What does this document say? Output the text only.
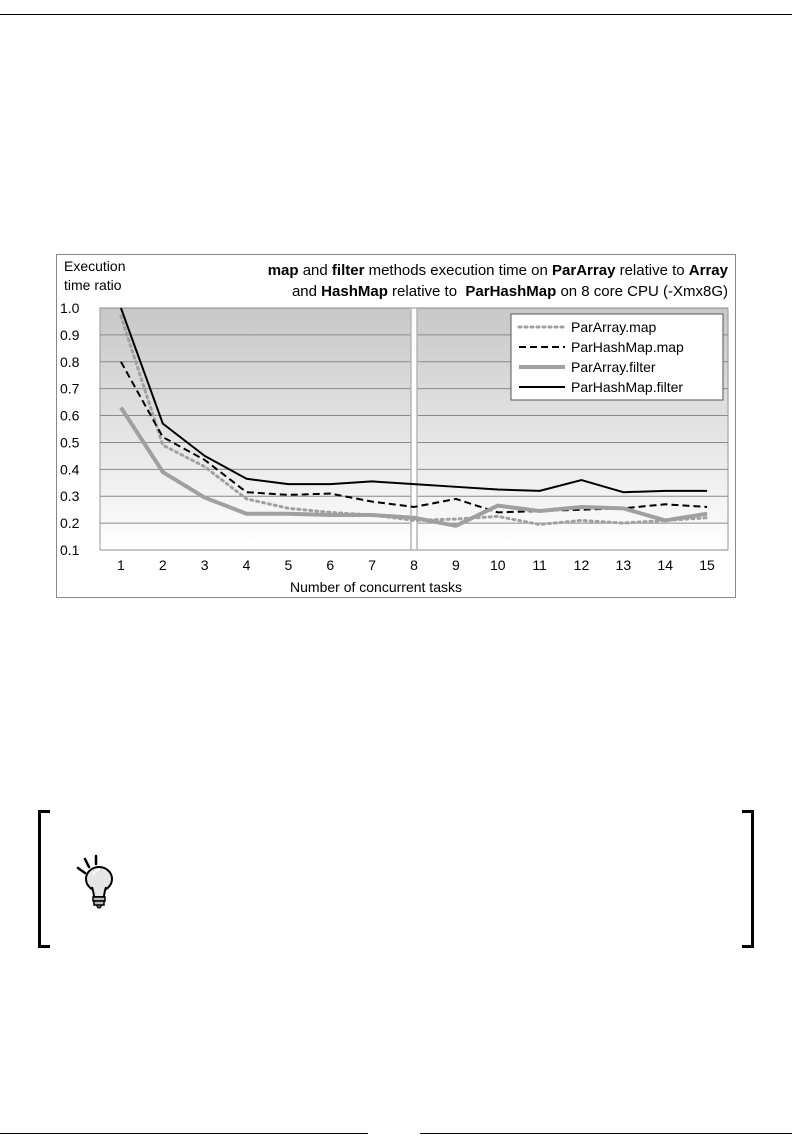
1.0
0.9
0.8
0.7
0.6
0.5
0.4
0.3
0.2
0.1
1 2 3 4 5 6 7 8 9 10 11 12 13 14 15
ParArray.map
ParHashMap.map
ParArray.filter
ParHashMap.filter
Execution
time ratio
map and filter methods execution time on ParArray relative to Array
and HashMap relative to  ParHashMap on 8 core CPU (-Xmx8G)
Number of concurrent tasks
